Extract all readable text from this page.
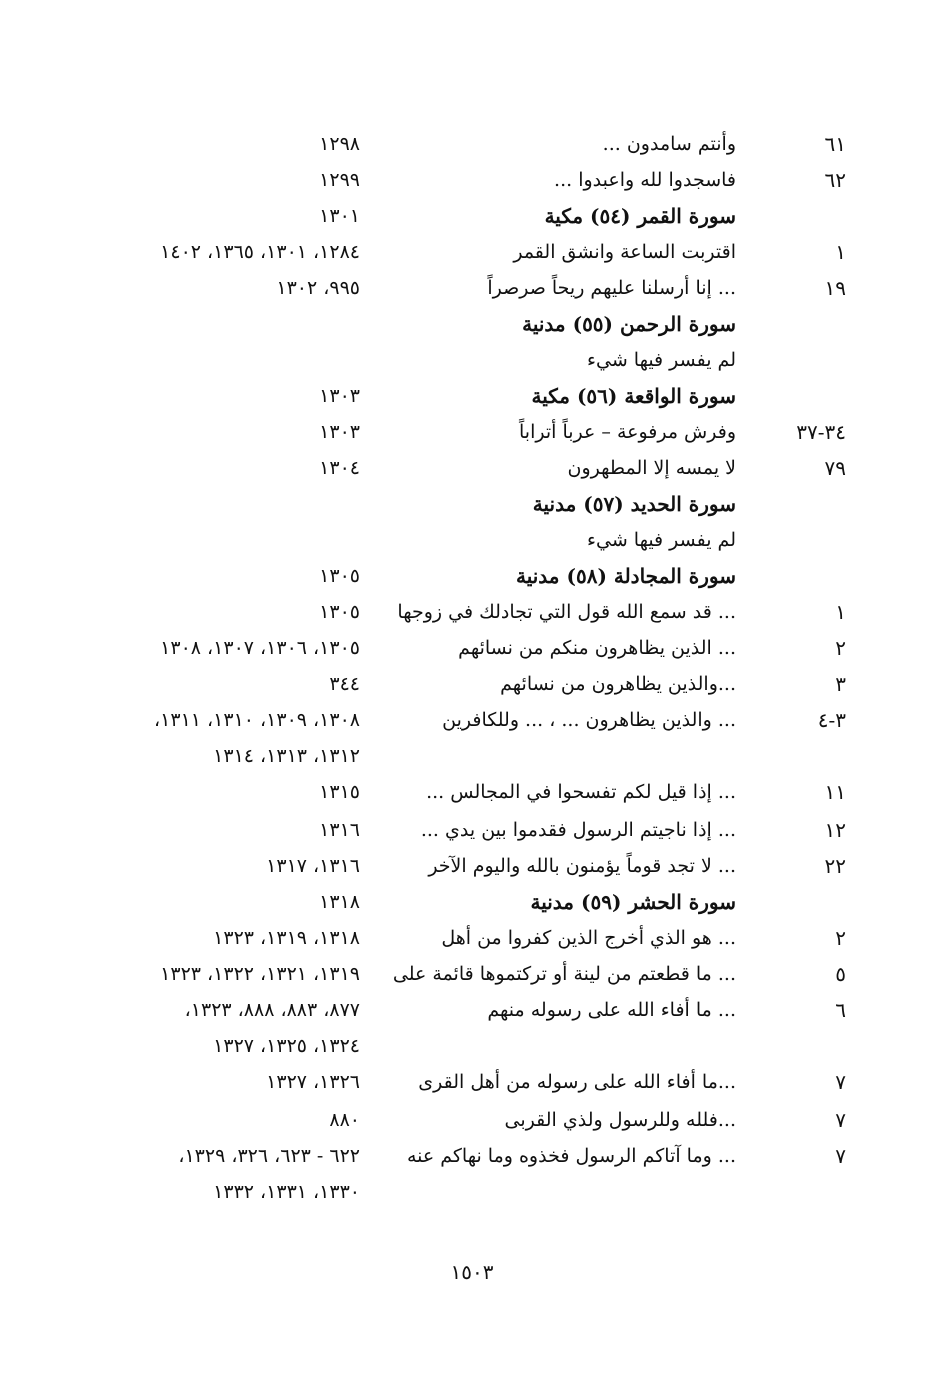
٦١
... وأنتم سامدون
١٢٩٨
٦٢
... فاسجدوا لله واعبدوا
١٢٩٩
سورة القمر (٥٤) مكية
١٣٠١
١
اقتربت الساعة وانشق القمر
١٢٨٤، ١٣٠١، ١٣٦٥، ١٤٠٢
١٩
إنا أرسلنا عليهم ريحاً صرصراً ...
٩٩٥، ١٣٠٢
سورة الرحمن (٥٥) مدنية
لم يفسر فيها شيء
سورة الواقعة (٥٦) مكية
١٣٠٣
٣٤-٣٧
وفرش مرفوعة – عرباً أتراباً
١٣٠٣
٧٩
لا يمسه إلا المطهرون
١٣٠٤
سورة الحديد (٥٧) مدنية
لم يفسر فيها شيء
سورة المجادلة (٥٨) مدنية
١٣٠٥
١
قد سمع الله قول التي تجادلك في زوجها ...
١٣٠٥
٢
الذين يظاهرون منكم من نسائهم ...
١٣٠٥، ١٣٠٦، ١٣٠٧، ١٣٠٨
٣
والذين يظاهرون من نسائهم...
٣٤٤
٣-٤
والذين يظاهرون ... ، ... وللكافرين ...
١٣٠٨، ١٣٠٩، ١٣١٠، ١٣١١،
١٣١٢، ١٣١٣، ١٣١٤
١١
... إذا قيل لكم تفسحوا في المجالس ...
١٣١٥
١٢
... إذا ناجيتم الرسول فقدموا بين يدي ...
١٣١٦
٢٢
لا تجد قوماً يؤمنون بالله واليوم الآخر ...
١٣١٦، ١٣١٧
سورة الحشر (٥٩) مدنية
١٣١٨
٢
هو الذي أخرج الذين كفروا من أهل ...
١٣١٨، ١٣١٩، ١٣٢٣
٥
ما قطعتم من لينة أو تركتموها قائمة على ...
١٣١٩، ١٣٢١، ١٣٢٢، ١٣٢٣
٦
ما أفاء الله على رسوله منهم ...
٨٧٧، ٨٨٣، ٨٨٨، ١٣٢٣،
١٣٢٤، ١٣٢٥، ١٣٢٧
٧
ما أفاء الله على رسوله من أهل القرى...
١٣٢٦، ١٣٢٧
٧
فلله وللرسول ولذي القربى...
٨٨٠
٧
وما آتاكم الرسول فخذوه وما نهاكم عنه ...
٦٢٢ - ٦٢٣، ٣٢٦، ١٣٢٩،
١٣٣٠، ١٣٣١، ١٣٣٢
١٥٠٣
